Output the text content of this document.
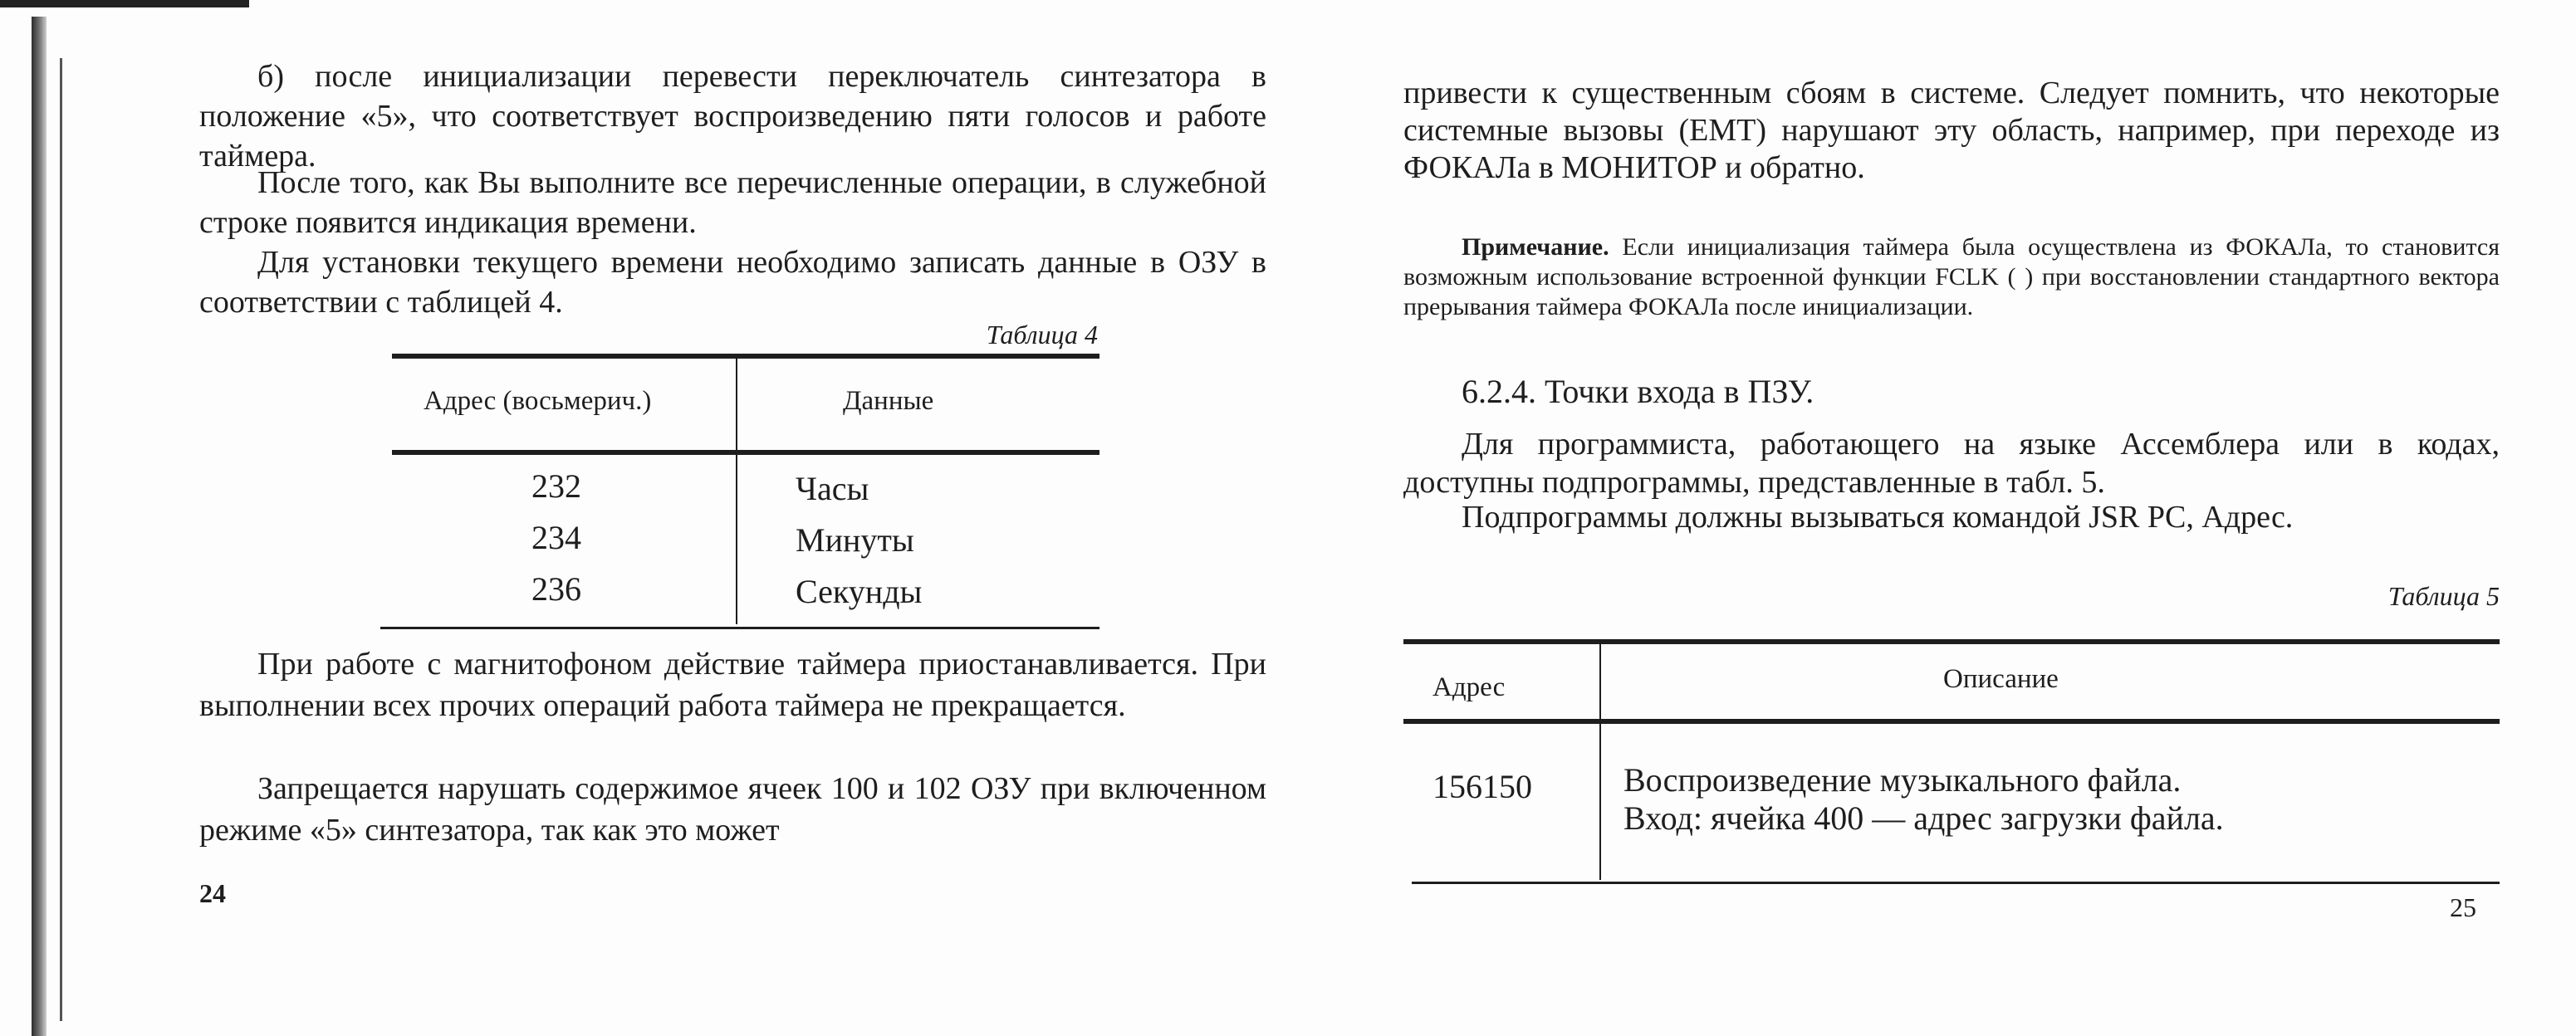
б) после инициализации перевести переключатель синтезатора в положение «5», что соответствует воспроизведению пяти голосов и работе таймера.

После того, как Вы выполните все перечисленные операции, в служебной строке появится индикация времени.

Для установки текущего времени необходимо записать данные в ОЗУ в соответствии с таблицей 4.

Таблица 4
Адрес (восьмерич.)	Данные
232	Часы
234	Минуты
236	Секунды

При работе с магнитофоном действие таймера приостанавливается. При выполнении всех прочих операций работа таймера не прекращается.

Запрещается нарушать содержимое ячеек 100 и 102 ОЗУ при включенном режиме «5» синтезатора, так как это может

24

привести к существенным сбоям в системе. Следует помнить, что некоторые системные вызовы (EMT) нарушают эту область, например, при переходе из ФОКАЛа в МОНИТОР и обратно.

Примечание. Если инициализация таймера была осуществлена из ФОКАЛа, то становится возможным использование встроенной функции FCLK ( ) при восстановлении стандартного вектора прерывания таймера ФОКАЛа после инициализации.

6.2.4. Точки входа в ПЗУ.

Для программиста, работающего на языке Ассемблера или в кодах, доступны подпрограммы, представленные в табл. 5.

Подпрограммы должны вызываться командой JSR PC, Адрес.

Таблица 5
Адрес	Описание
156150	Воспроизведение музыкального файла.
Вход: ячейка 400 — адрес загрузки файла.
25
